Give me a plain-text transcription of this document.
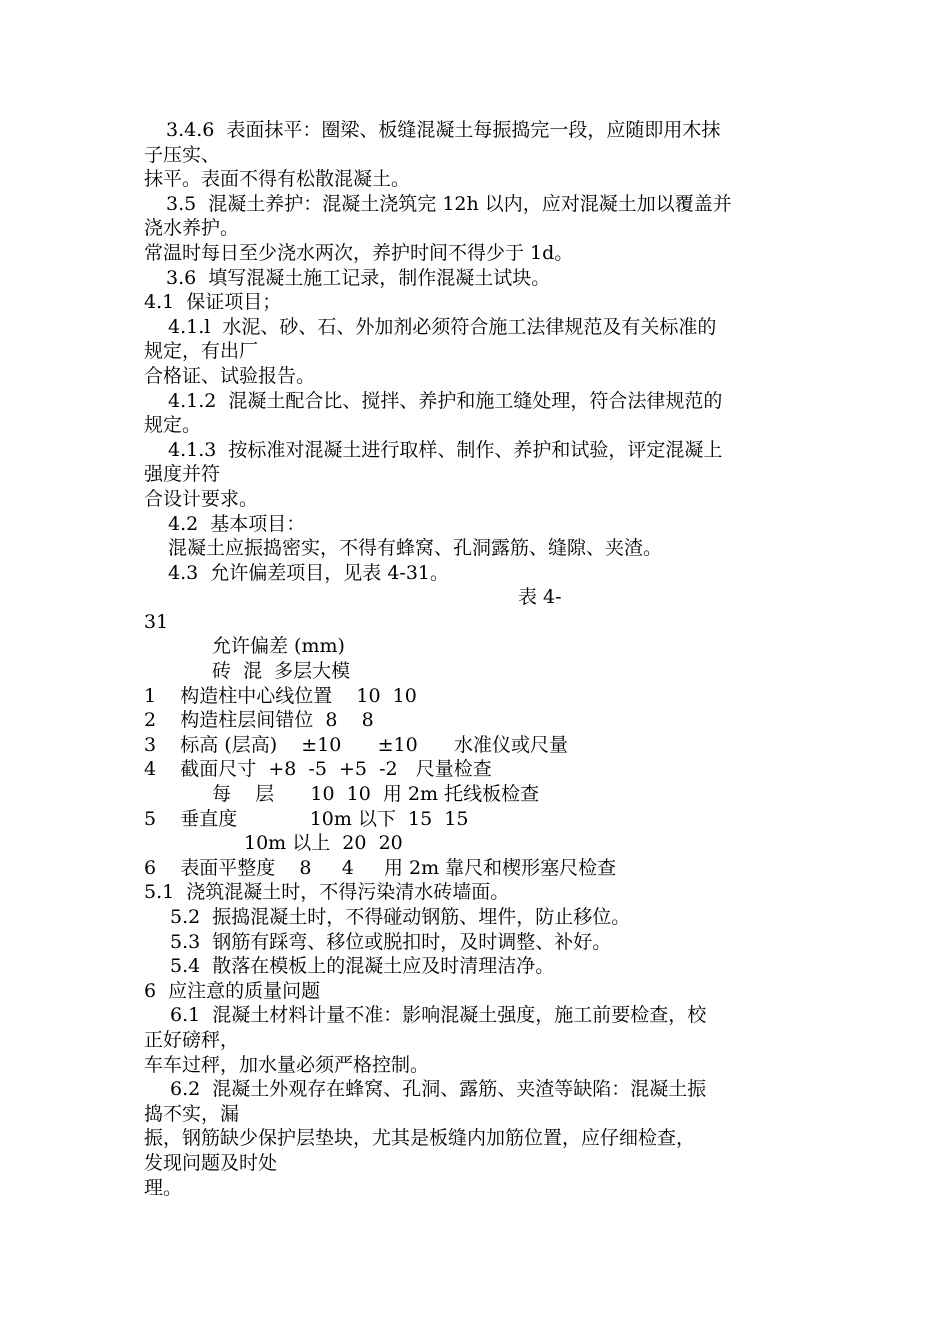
3.4.6  表面抹平：圈梁、板缝混凝土每振捣完一段，应随即用木抹
子压实、
抹平。表面不得有松散混凝土。
3.5  混凝土养护：混凝土浇筑完 12h 以内，应对混凝土加以覆盖并
浇水养护。
常温时每日至少浇水两次，养护时间不得少于 1d。
3.6  填写混凝土施工记录，制作混凝土试块。
4.1  保证项目；
4.1.l  水泥、砂、石、外加剂必须符合施工法律规范及有关标准的
规定，有出厂
合格证、试验报告。
4.1.2  混凝土配合比、搅拌、养护和施工缝处理，符合法律规范的
规定。
4.1.3  按标准对混凝土进行取样、制作、养护和试验，评定混凝上
强度并符
合设计要求。
4.2  基本项目：
混凝土应振捣密实，不得有蜂窝、孔洞露筋、缝隙、夹渣。
4.3  允许偏差项目，见表 4-31。
表 4-
31
允许偏差 (mm)
砖  混  多层大模
1    构造柱中心线位置    10  10
2    构造柱层间错位  8    8
3    标高 (层高)    ±10      ±10      水准仪或尺量
4    截面尺寸  +8  -5  +5  -2   尺量检查
每    层      10  10  用 2m 托线板检查
5    垂直度            10m 以下  15  15
10m 以上  20  20
6    表面平整度    8     4     用 2m 靠尺和楔形塞尺检查
5.1  浇筑混凝土时，不得污染清水砖墙面。
5.2  振捣混凝土时，不得碰动钢筋、埋件，防止移位。
5.3  钢筋有踩弯、移位或脱扣时，及时调整、补好。
5.4  散落在模板上的混凝土应及时清理洁净。
6  应注意的质量问题
6.1  混凝土材料计量不准：影响混凝土强度，施工前要检查，校
正好磅秤，
车车过秤，加水量必须严格控制。
6.2  混凝土外观存在蜂窝、孔洞、露筋、夹渣等缺陷：混凝土振
捣不实，漏
振，钢筋缺少保护层垫块，尤其是板缝内加筋位置，应仔细检查，
发现问题及时处
理。
